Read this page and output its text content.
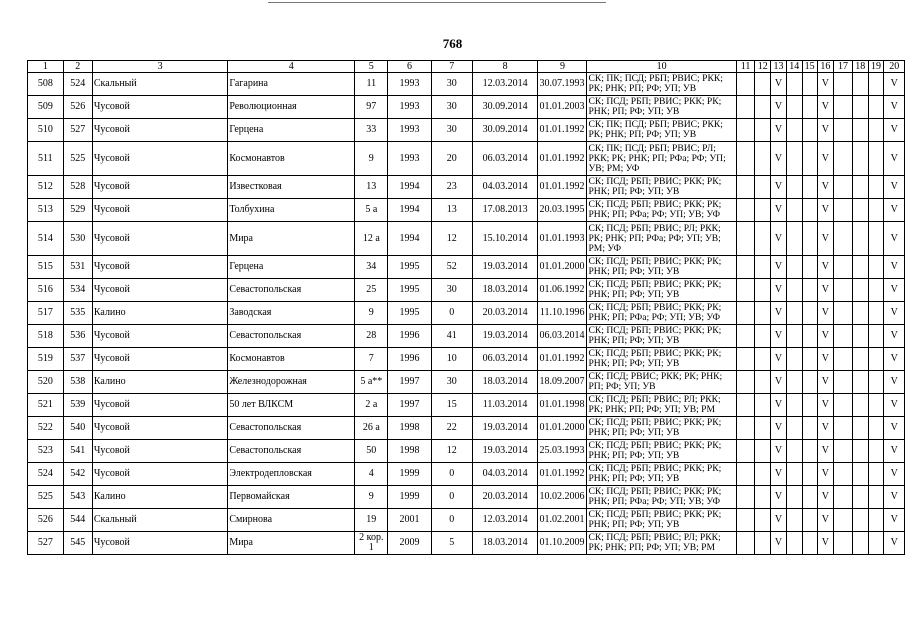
768
1	2	3	4	5	6	7	8	9	10	11	12	13	14	15	16	17	18	19	20
508	524	Скальный	Гагарина	11	1993	30	12.03.2014	30.07.1993	СК; ПК; ПСД; РБП; РВИС; РКК; РК; РНК; РП; РФ; УП; УВ			V			V				V
509	526	Чусовой	Революционная	97	1993	30	30.09.2014	01.01.2003	СК; ПСД; РБП; РВИС; РКК; РК; РНК; РП; РФ; УП; УВ			V			V				V
510	527	Чусовой	Герцена	33	1993	30	30.09.2014	01.01.1992	СК; ПК; ПСД; РБП; РВИС; РКК; РК; РНК; РП; РФ; УП; УВ			V			V				V
511	525	Чусовой	Космонавтов	9	1993	20	06.03.2014	01.01.1992	СК; ПК; ПСД; РБП; РВИС; РЛ; РКК; РК; РНК; РП; РФа; РФ; УП; УВ; РМ; УФ			V			V				V
512	528	Чусовой	Известковая	13	1994	23	04.03.2014	01.01.1992	СК; ПСД; РБП; РВИС; РКК; РК; РНК; РП; РФ; УП; УВ			V			V				V
513	529	Чусовой	Толбухина	5 а	1994	13	17.08.2013	20.03.1995	СК; ПСД; РБП; РВИС; РКК; РК; РНК; РП; РФа; РФ; УП; УВ; УФ			V			V				V
514	530	Чусовой	Мира	12 а	1994	12	15.10.2014	01.01.1993	СК; ПСД; РБП; РВИС; РЛ; РКК; РК; РНК; РП; РФа; РФ; УП; УВ; РМ; УФ			V			V				V
515	531	Чусовой	Герцена	34	1995	52	19.03.2014	01.01.2000	СК; ПСД; РБП; РВИС; РКК; РК; РНК; РП; РФ; УП; УВ			V			V				V
516	534	Чусовой	Севастопольская	25	1995	30	18.03.2014	01.06.1992	СК; ПСД; РБП; РВИС; РКК; РК; РНК; РП; РФ; УП; УВ			V			V				V
517	535	Калино	Заводская	9	1995	0	20.03.2014	11.10.1996	СК; ПСД; РБП; РВИС; РКК; РК; РНК; РП; РФа; РФ; УП; УВ; УФ			V			V				V
518	536	Чусовой	Севастопольская	28	1996	41	19.03.2014	06.03.2014	СК; ПСД; РБП; РВИС; РКК; РК; РНК; РП; РФ; УП; УВ			V			V				V
519	537	Чусовой	Космонавтов	7	1996	10	06.03.2014	01.01.1992	СК; ПСД; РБП; РВИС; РКК; РК; РНК; РП; РФ; УП; УВ			V			V				V
520	538	Калино	Железнодорожная	5 а**	1997	30	18.03.2014	18.09.2007	СК; ПСД; РВИС; РКК; РК; РНК; РП; РФ; УП; УВ			V			V				V
521	539	Чусовой	50 лет ВЛКСМ	2 а	1997	15	11.03.2014	01.01.1998	СК; ПСД; РБП; РВИС; РЛ; РКК; РК; РНК; РП; РФ; УП; УВ; РМ			V			V				V
522	540	Чусовой	Севастопольская	26 а	1998	22	19.03.2014	01.01.2000	СК; ПСД; РБП; РВИС; РКК; РК; РНК; РП; РФ; УП; УВ			V			V				V
523	541	Чусовой	Севастопольская	50	1998	12	19.03.2014	25.03.1993	СК; ПСД; РБП; РВИС; РКК; РК; РНК; РП; РФ; УП; УВ			V			V				V
524	542	Чусовой	Электродепловская	4	1999	0	04.03.2014	01.01.1992	СК; ПСД; РБП; РВИС; РКК; РК; РНК; РП; РФ; УП; УВ			V			V				V
525	543	Калино	Первомайская	9	1999	0	20.03.2014	10.02.2006	СК; ПСД; РБП; РВИС; РКК; РК; РНК; РП; РФа; РФ; УП; УВ; УФ			V			V				V
526	544	Скальный	Смирнова	19	2001	0	12.03.2014	01.02.2001	СК; ПСД; РБП; РВИС; РКК; РК; РНК; РП; РФ; УП; УВ			V			V				V
527	545	Чусовой	Мира	2 кор. 1	2009	5	18.03.2014	01.10.2009	СК; ПСД; РБП; РВИС; РЛ; РКК; РК; РНК; РП; РФ; УП; УВ; РМ			V			V				V
